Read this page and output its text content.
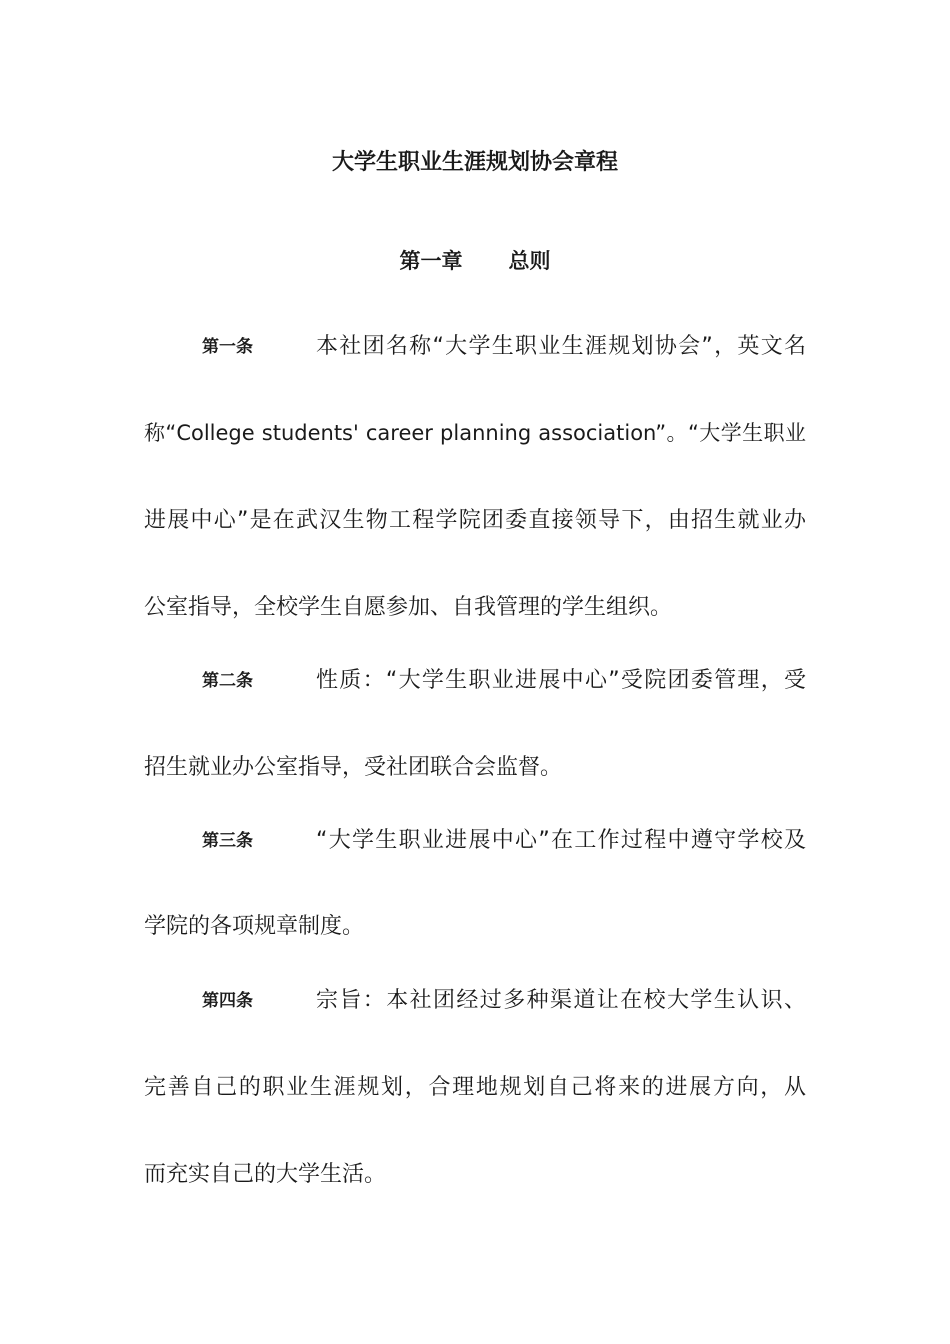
大学生职业生涯规划协会章程
第一章 总则
第一条	本社团名称“大学生职业生涯规划协会”，英文名
称“College students' career planning association”。“大学生职业
进展中心”是在武汉生物工程学院团委直接领导下，由招生就业办
公室指导，全校学生自愿参加、自我管理的学生组织。
第二条	性质：“大学生职业进展中心”受院团委管理，受
招生就业办公室指导，受社团联合会监督。
第三条	“大学生职业进展中心”在工作过程中遵守学校及
学院的各项规章制度。
第四条	宗旨：本社团经过多种渠道让在校大学生认识、
完善自己的职业生涯规划，合理地规划自己将来的进展方向，从
而充实自己的大学生活。
